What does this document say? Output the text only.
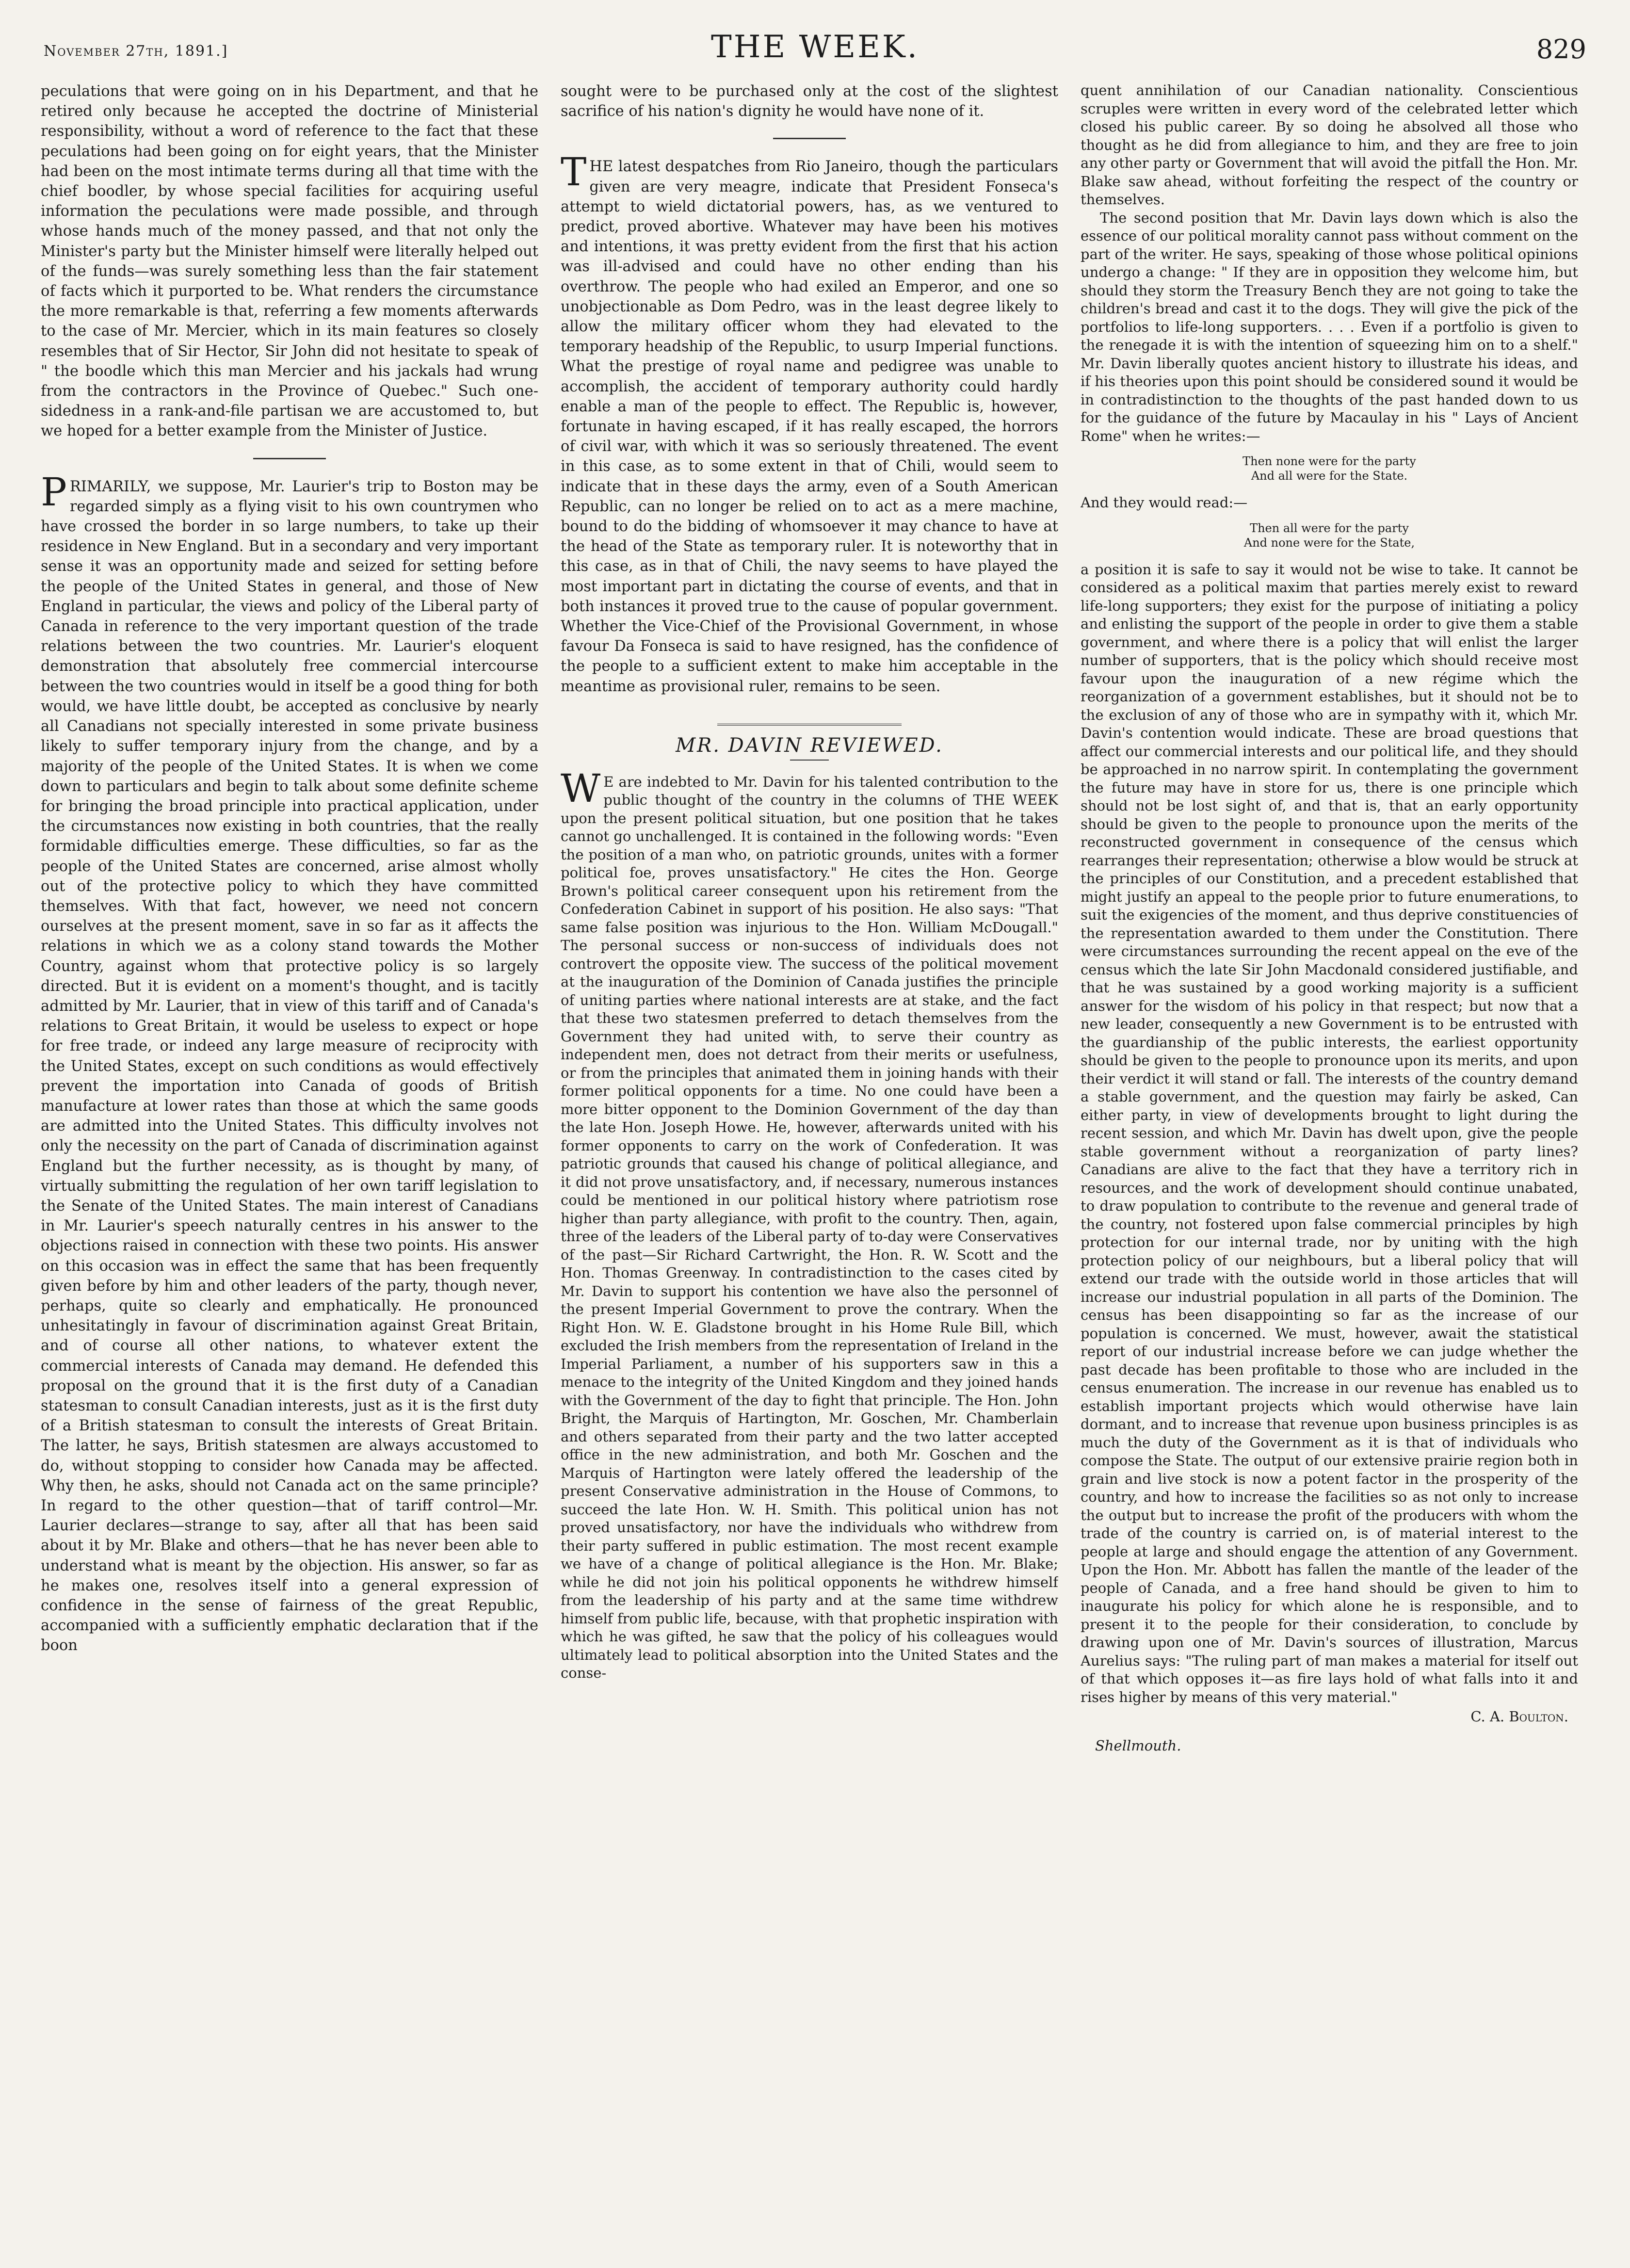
November 27th, 1891.]	THE WEEK.	829

peculations that were going on in his Department, and that he retired only because he accepted the doctrine of Ministerial responsibility, without a word of reference to the fact that these peculations had been going on for eight years, that the Minister had been on the most intimate terms during all that time with the chief boodler, by whose special facilities for acquiring useful information the peculations were made possible, and through whose hands much of the money passed, and that not only the Minister's party but the Minister himself were literally helped out of the funds—was surely something less than the fair statement of facts which it purported to be. What renders the circumstance the more remarkable is that, referring a few moments afterwards to the case of Mr. Mercier, which in its main features so closely resembles that of Sir Hector, Sir John did not hesitate to speak of " the boodle which this man Mercier and his jackals had wrung from the contractors in the Province of Quebec." Such one-sidedness in a rank-and-file partisan we are accustomed to, but we hoped for a better example from the Minister of Justice.

PRIMARILY, we suppose, Mr. Laurier's trip to Boston may be regarded simply as a flying visit to his own countrymen who have crossed the border in so large numbers, to take up their residence in New England. But in a secondary and very important sense it was an opportunity made and seized for setting before the people of the United States in general, and those of New England in particular, the views and policy of the Liberal party of Canada in reference to the very important question of the trade relations between the two countries. Mr. Laurier's eloquent demonstration that absolutely free commercial intercourse between the two countries would in itself be a good thing for both would, we have little doubt, be accepted as conclusive by nearly all Canadians not specially interested in some private business likely to suffer temporary injury from the change, and by a majority of the people of the United States. It is when we come down to particulars and begin to talk about some definite scheme for bringing the broad principle into practical application, under the circumstances now existing in both countries, that the really formidable difficulties emerge. These difficulties, so far as the people of the United States are concerned, arise almost wholly out of the protective policy to which they have committed themselves. With that fact, however, we need not concern ourselves at the present moment, save in so far as it affects the relations in which we as a colony stand towards the Mother Country, against whom that protective policy is so largely directed. But it is evident on a moment's thought, and is tacitly admitted by Mr. Laurier, that in view of this tariff and of Canada's relations to Great Britain, it would be useless to expect or hope for free trade, or indeed any large measure of reciprocity with the United States, except on such conditions as would effectively prevent the importation into Canada of goods of British manufacture at lower rates than those at which the same goods are admitted into the United States. This difficulty involves not only the necessity on the part of Canada of discrimination against England but the further necessity, as is thought by many, of virtually submitting the regulation of her own tariff legislation to the Senate of the United States. The main interest of Canadians in Mr. Laurier's speech naturally centres in his answer to the objections raised in connection with these two points. His answer on this occasion was in effect the same that has been frequently given before by him and other leaders of the party, though never, perhaps, quite so clearly and emphatically. He pronounced unhesitatingly in favour of discrimination against Great Britain, and of course all other nations, to whatever extent the commercial interests of Canada may demand. He defended this proposal on the ground that it is the first duty of a Canadian statesman to consult Canadian interests, just as it is the first duty of a British statesman to consult the interests of Great Britain. The latter, he says, British statesmen are always accustomed to do, without stopping to consider how Canada may be affected. Why then, he asks, should not Canada act on the same principle? In regard to the other question—that of tariff control—Mr. Laurier declares—strange to say, after all that has been said about it by Mr. Blake and others—that he has never been able to understand what is meant by the objection. His answer, so far as he makes one, resolves itself into a general expression of confidence in the sense of fairness of the great Republic, accompanied with a sufficiently emphatic declaration that if the boon

sought were to be purchased only at the cost of the slightest sacrifice of his nation's dignity he would have none of it.

THE latest despatches from Rio Janeiro, though the particulars given are very meagre, indicate that President Fonseca's attempt to wield dictatorial powers, has, as we ventured to predict, proved abortive. Whatever may have been his motives and intentions, it was pretty evident from the first that his action was ill-advised and could have no other ending than his overthrow. The people who had exiled an Emperor, and one so unobjectionable as Dom Pedro, was in the least degree likely to allow the military officer whom they had elevated to the temporary headship of the Republic, to usurp Imperial functions. What the prestige of royal name and pedigree was unable to accomplish, the accident of temporary authority could hardly enable a man of the people to effect. The Republic is, however, fortunate in having escaped, if it has really escaped, the horrors of civil war, with which it was so seriously threatened. The event in this case, as to some extent in that of Chili, would seem to indicate that in these days the army, even of a South American Republic, can no longer be relied on to act as a mere machine, bound to do the bidding of whomsoever it may chance to have at the head of the State as temporary ruler. It is noteworthy that in this case, as in that of Chili, the navy seems to have played the most important part in dictating the course of events, and that in both instances it proved true to the cause of popular government. Whether the Vice-Chief of the Provisional Government, in whose favour Da Fonseca is said to have resigned, has the confidence of the people to a sufficient extent to make him acceptable in the meantime as provisional ruler, remains to be seen.

MR. DAVIN REVIEWED.

WE are indebted to Mr. Davin for his talented contribution to the public thought of the country in the columns of THE WEEK upon the present political situation, but one position that he takes cannot go unchallenged. It is contained in the following words: "Even the position of a man who, on patriotic grounds, unites with a former political foe, proves unsatisfactory." He cites the Hon. George Brown's political career consequent upon his retirement from the Confederation Cabinet in support of his position. He also says: "That same false position was injurious to the Hon. William McDougall." The personal success or non-success of individuals does not controvert the opposite view. The success of the political movement at the inauguration of the Dominion of Canada justifies the principle of uniting parties where national interests are at stake, and the fact that these two statesmen preferred to detach themselves from the Government they had united with, to serve their country as independent men, does not detract from their merits or usefulness, or from the principles that animated them in joining hands with their former political opponents for a time. No one could have been a more bitter opponent to the Dominion Government of the day than the late Hon. Joseph Howe. He, however, afterwards united with his former opponents to carry on the work of Confederation. It was patriotic grounds that caused his change of political allegiance, and it did not prove unsatisfactory, and, if necessary, numerous instances could be mentioned in our political history where patriotism rose higher than party allegiance, with profit to the country. Then, again, three of the leaders of the Liberal party of to-day were Conservatives of the past—Sir Richard Cartwright, the Hon. R. W. Scott and the Hon. Thomas Greenway. In contradistinction to the cases cited by Mr. Davin to support his contention we have also the personnel of the present Imperial Government to prove the contrary. When the Right Hon. W. E. Gladstone brought in his Home Rule Bill, which excluded the Irish members from the representation of Ireland in the Imperial Parliament, a number of his supporters saw in this a menace to the integrity of the United Kingdom and they joined hands with the Government of the day to fight that principle. The Hon. John Bright, the Marquis of Hartington, Mr. Goschen, Mr. Chamberlain and others separated from their party and the two latter accepted office in the new administration, and both Mr. Goschen and the Marquis of Hartington were lately offered the leadership of the present Conservative administration in the House of Commons, to succeed the late Hon. W. H. Smith. This political union has not proved unsatisfactory, nor have the individuals who withdrew from their party suffered in public estimation. The most recent example we have of a change of political allegiance is the Hon. Mr. Blake; while he did not join his political opponents he withdrew himself from the leadership of his party and at the same time withdrew himself from public life, because, with that prophetic inspiration with which he was gifted, he saw that the policy of his colleagues would ultimately lead to political absorption into the United States and the conse-

quent annihilation of our Canadian nationality. Conscientious scruples were written in every word of the celebrated letter which closed his public career. By so doing he absolved all those who thought as he did from allegiance to him, and they are free to join any other party or Government that will avoid the pitfall the Hon. Mr. Blake saw ahead, without forfeiting the respect of the country or themselves.

The second position that Mr. Davin lays down which is also the essence of our political morality cannot pass without comment on the part of the writer. He says, speaking of those whose political opinions undergo a change: " If they are in opposition they welcome him, but should they storm the Treasury Bench they are not going to take the children's bread and cast it to the dogs. They will give the pick of the portfolios to life-long supporters. . . . Even if a portfolio is given to the renegade it is with the intention of squeezing him on to a shelf." Mr. Davin liberally quotes ancient history to illustrate his ideas, and if his theories upon this point should be considered sound it would be in contradistinction to the thoughts of the past handed down to us for the guidance of the future by Macaulay in his " Lays of Ancient Rome" when he writes:—

Then none were for the party
And all were for the State.

And they would read:—

Then all were for the party
And none were for the State,

a position it is safe to say it would not be wise to take. It cannot be considered as a political maxim that parties merely exist to reward life-long supporters; they exist for the purpose of initiating a policy and enlisting the support of the people in order to give them a stable government, and where there is a policy that will enlist the larger number of supporters, that is the policy which should receive most favour upon the inauguration of a new régime which the reorganization of a government establishes, but it should not be to the exclusion of any of those who are in sympathy with it, which Mr. Davin's contention would indicate. These are broad questions that affect our commercial interests and our political life, and they should be approached in no narrow spirit. In contemplating the government the future may have in store for us, there is one principle which should not be lost sight of, and that is, that an early opportunity should be given to the people to pronounce upon the merits of the reconstructed government in consequence of the census which rearranges their representation; otherwise a blow would be struck at the principles of our Constitution, and a precedent established that might justify an appeal to the people prior to future enumerations, to suit the exigencies of the moment, and thus deprive constituencies of the representation awarded to them under the Constitution. There were circumstances surrounding the recent appeal on the eve of the census which the late Sir John Macdonald considered justifiable, and that he was sustained by a good working majority is a sufficient answer for the wisdom of his policy in that respect; but now that a new leader, consequently a new Government is to be entrusted with the guardianship of the public interests, the earliest opportunity should be given to the people to pronounce upon its merits, and upon their verdict it will stand or fall. The interests of the country demand a stable government, and the question may fairly be asked, Can either party, in view of developments brought to light during the recent session, and which Mr. Davin has dwelt upon, give the people stable government without a reorganization of party lines? Canadians are alive to the fact that they have a territory rich in resources, and the work of development should continue unabated, to draw population to contribute to the revenue and general trade of the country, not fostered upon false commercial principles by high protection for our internal trade, nor by uniting with the high protection policy of our neighbours, but a liberal policy that will extend our trade with the outside world in those articles that will increase our industrial population in all parts of the Dominion. The census has been disappointing so far as the increase of our population is concerned. We must, however, await the statistical report of our industrial increase before we can judge whether the past decade has been profitable to those who are included in the census enumeration. The increase in our revenue has enabled us to establish important projects which would otherwise have lain dormant, and to increase that revenue upon business principles is as much the duty of the Government as it is that of individuals who compose the State. The output of our extensive prairie region both in grain and live stock is now a potent factor in the prosperity of the country, and how to increase the facilities so as not only to increase the output but to increase the profit of the producers with whom the trade of the country is carried on, is of material interest to the people at large and should engage the attention of any Government. Upon the Hon. Mr. Abbott has fallen the mantle of the leader of the people of Canada, and a free hand should be given to him to inaugurate his policy for which alone he is responsible, and to present it to the people for their consideration, to conclude by drawing upon one of Mr. Davin's sources of illustration, Marcus Aurelius says: "The ruling part of man makes a material for itself out of that which opposes it—as fire lays hold of what falls into it and rises higher by means of this very material."

C. A. Boulton.
Shellmouth.
